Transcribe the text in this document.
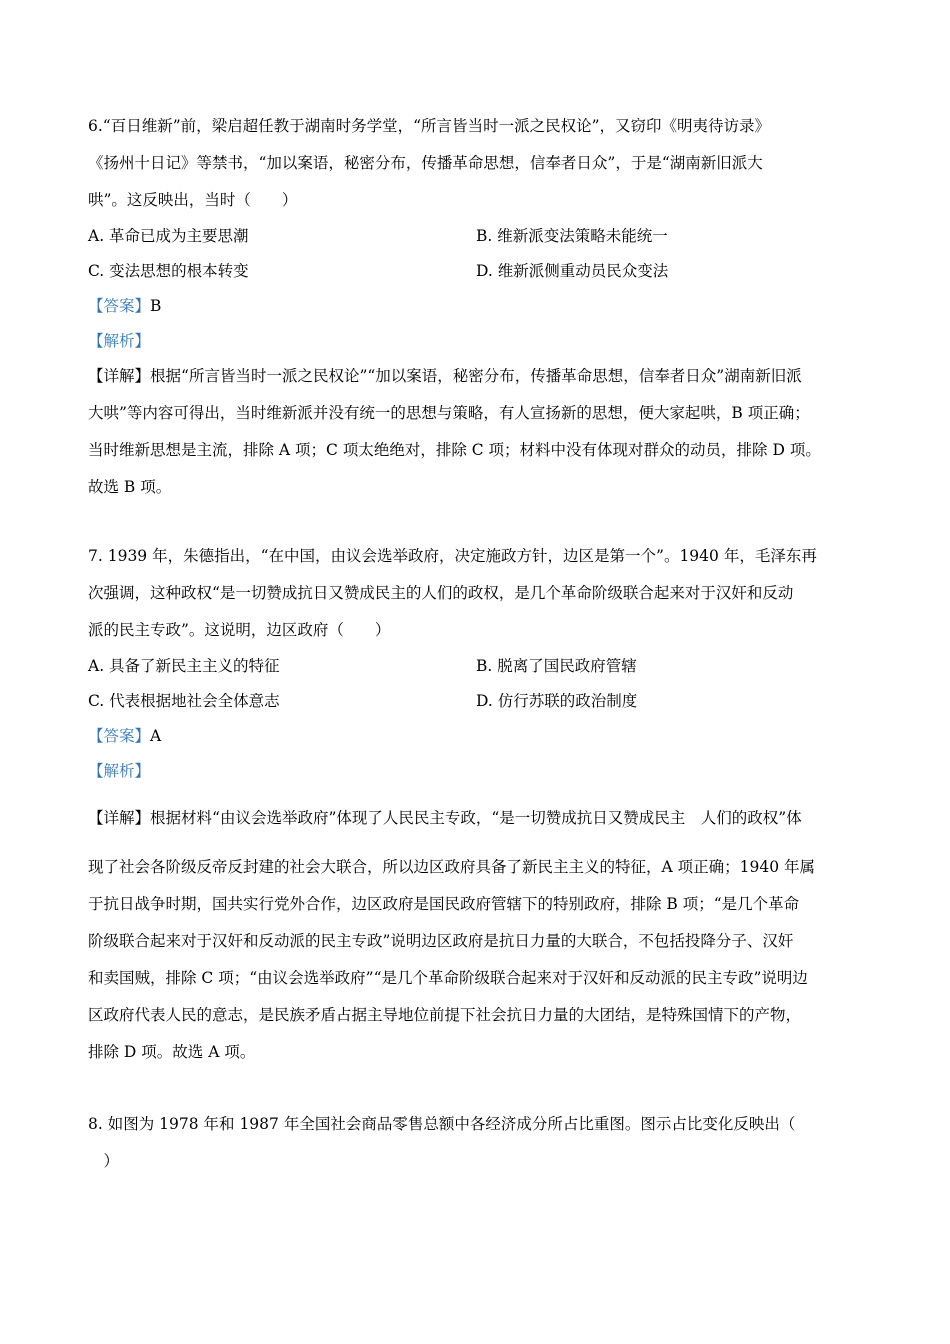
6.“百日维新”前，梁启超任教于湖南时务学堂，“所言皆当时一派之民权论”，又窃印《明夷待访录》
《扬州十日记》等禁书，“加以案语，秘密分布，传播革命思想，信奉者日众”，于是“湖南新旧派大
哄”。这反映出，当时（　　）
A. 革命已成为主要思潮	B. 维新派变法策略未能统一
C. 变法思想的根本转变	D. 维新派侧重动员民众变法
【答案】B
【解析】
【详解】根据“所言皆当时一派之民权论”“加以案语，秘密分布，传播革命思想，信奉者日众”湖南新旧派
大哄”等内容可得出，当时维新派并没有统一的思想与策略，有人宣扬新的思想，便大家起哄，B 项正确；
当时维新思想是主流，排除 A 项；C 项太绝绝对，排除 C 项；材料中没有体现对群众的动员，排除 D 项。
故选 B 项。
7. 1939 年，朱德指出，“在中国，由议会选举政府，决定施政方针，边区是第一个”。1940 年，毛泽东再
次强调，这种政权“是一切赞成抗日又赞成民主的人们的政权，是几个革命阶级联合起来对于汉奸和反动
派的民主专政”。这说明，边区政府（　　）
A. 具备了新民主主义的特征	B. 脱离了国民政府管辖
C. 代表根据地社会全体意志	D. 仿行苏联的政治制度
【答案】A
【解析】
【详解】根据材料“由议会选举政府”体现了人民民主专政，“是一切赞成抗日又赞成民主　人们的政权”体
现了社会各阶级反帝反封建的社会大联合，所以边区政府具备了新民主主义的特征，A 项正确；1940 年属
于抗日战争时期，国共实行党外合作，边区政府是国民政府管辖下的特别政府，排除 B 项；“是几个革命
阶级联合起来对于汉奸和反动派的民主专政”说明边区政府是抗日力量的大联合，不包括投降分子、汉奸
和卖国贼，排除 C 项；“由议会选举政府”“是几个革命阶级联合起来对于汉奸和反动派的民主专政”说明边
区政府代表人民的意志，是民族矛盾占据主导地位前提下社会抗日力量的大团结，是特殊国情下的产物，
排除 D 项。故选 A 项。
8. 如图为 1978 年和 1987 年全国社会商品零售总额中各经济成分所占比重图。图示占比变化反映出（
　）
